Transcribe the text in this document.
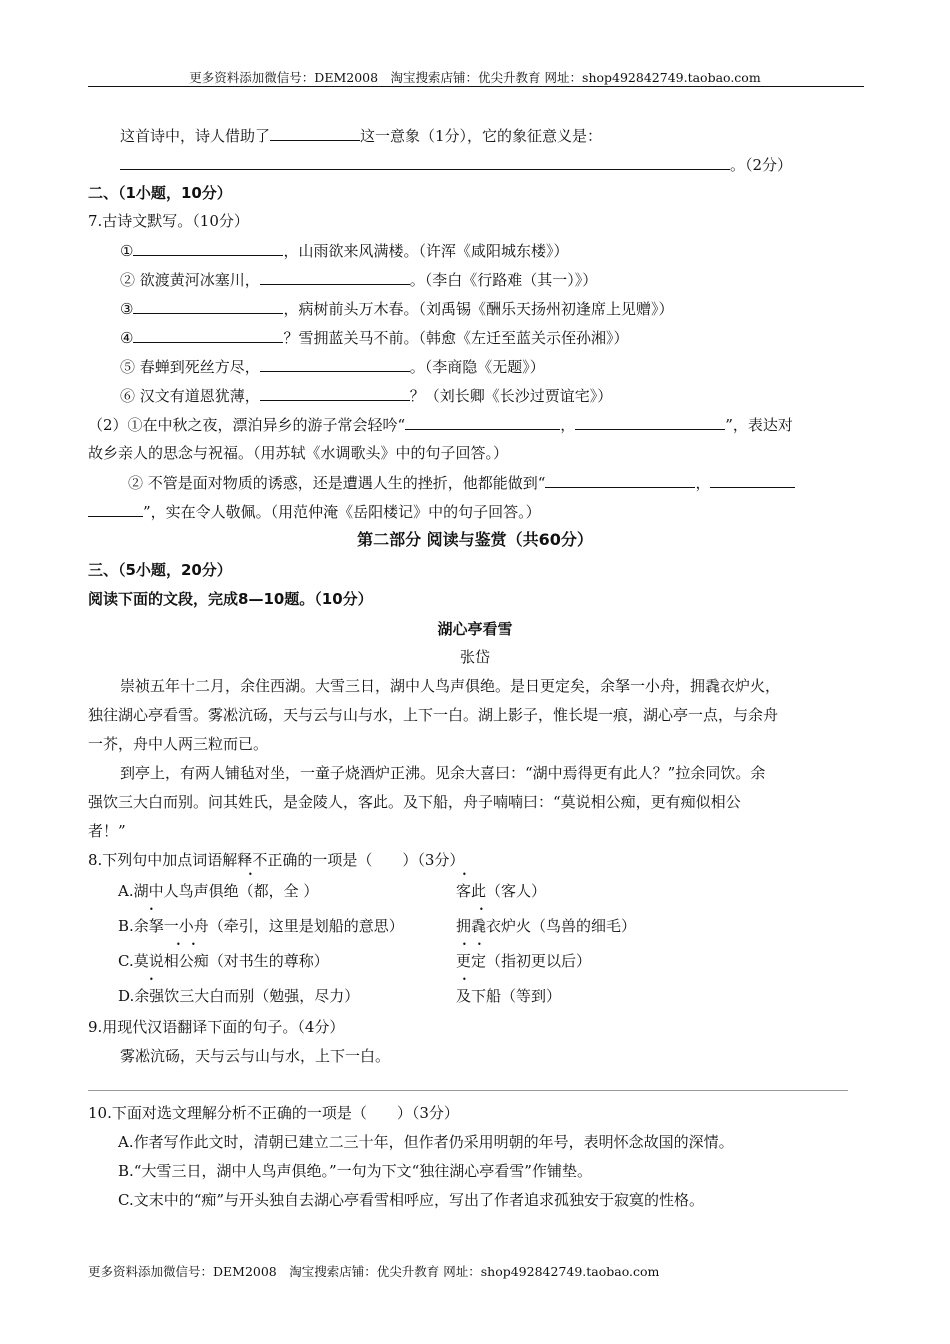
更多资料添加微信号：DEM2008　淘宝搜索店铺：优尖升教育 网址：shop492842749.taobao.com
这首诗中，诗人借助了	这一意象（1分），它的象征意义是：
。（2分）
二、（1小题，10分）
7.古诗文默写。（10分）
①	，山雨欲来风满楼。（许浑《咸阳城东楼》）
② 欲渡黄河冰塞川，	。（李白《行路难（其一）》）
③	，病树前头万木春。（刘禹锡《酬乐天扬州初逢席上见赠》）
④	？雪拥蓝关马不前。（韩愈《左迁至蓝关示侄孙湘》）
⑤ 春蝉到死丝方尽，	。（李商隐《无题》）
⑥ 汉文有道恩犹薄，	？（刘长卿《长沙过贾谊宅》）
（2）①在中秋之夜，漂泊异乡的游子常会轻吟“	，	”，表达对
故乡亲人的思念与祝福。（用苏轼《水调歌头》中的句子回答。）
② 不管是面对物质的诱惑，还是遭遇人生的挫折，他都能做到“	，
”，实在令人敬佩。（用范仲淹《岳阳楼记》中的句子回答。）
第二部分 阅读与鉴赏（共60分）
三、（5小题，20分）
阅读下面的文段，完成8—10题。（10分）
湖心亭看雪
张岱
崇祯五年十二月，余住西湖。大雪三日，湖中人鸟声俱绝。是日更定矣，余拏一小舟，拥毳衣炉火，
独往湖心亭看雪。雾凇沆砀，天与云与山与水，上下一白。湖上影子，惟长堤一痕，湖心亭一点，与余舟
一芥，舟中人两三粒而已。
到亭上，有两人铺毡对坐，一童子烧酒炉正沸。见余大喜曰：“湖中焉得更有此人？”拉余同饮。余
强饮三大白而别。问其姓氏，是金陵人，客此。及下船，舟子喃喃曰：“莫说相公痴，更有痴似相公
者！”
8.下列句中加点词语解释不正确的一项是（　　）（3分）
A.湖中人鸟声俱绝（都，全 ）	客此（客人）
B.余拏一小舟（牵引，这里是划船的意思）	拥毳衣炉火（鸟兽的细毛）
C.莫说相公痴（对书生的尊称）	更定（指初更以后）
D.余强饮三大白而别（勉强，尽力）	及下船（等到）
•	•
•	•
• •	• •
•	•
9.用现代汉语翻译下面的句子。（4分）
雾凇沆砀，天与云与山与水，上下一白。
10.下面对选文理解分析不正确的一项是（　　）（3分）
A.作者写作此文时，清朝已建立二三十年，但作者仍采用明朝的年号，表明怀念故国的深情。
B.“大雪三日，湖中人鸟声俱绝。”一句为下文“独往湖心亭看雪”作铺垫。
C.文末中的“痴”与开头独自去湖心亭看雪相呼应，写出了作者追求孤独安于寂寞的性格。
更多资料添加微信号：DEM2008　淘宝搜索店铺：优尖升教育 网址：shop492842749.taobao.com
